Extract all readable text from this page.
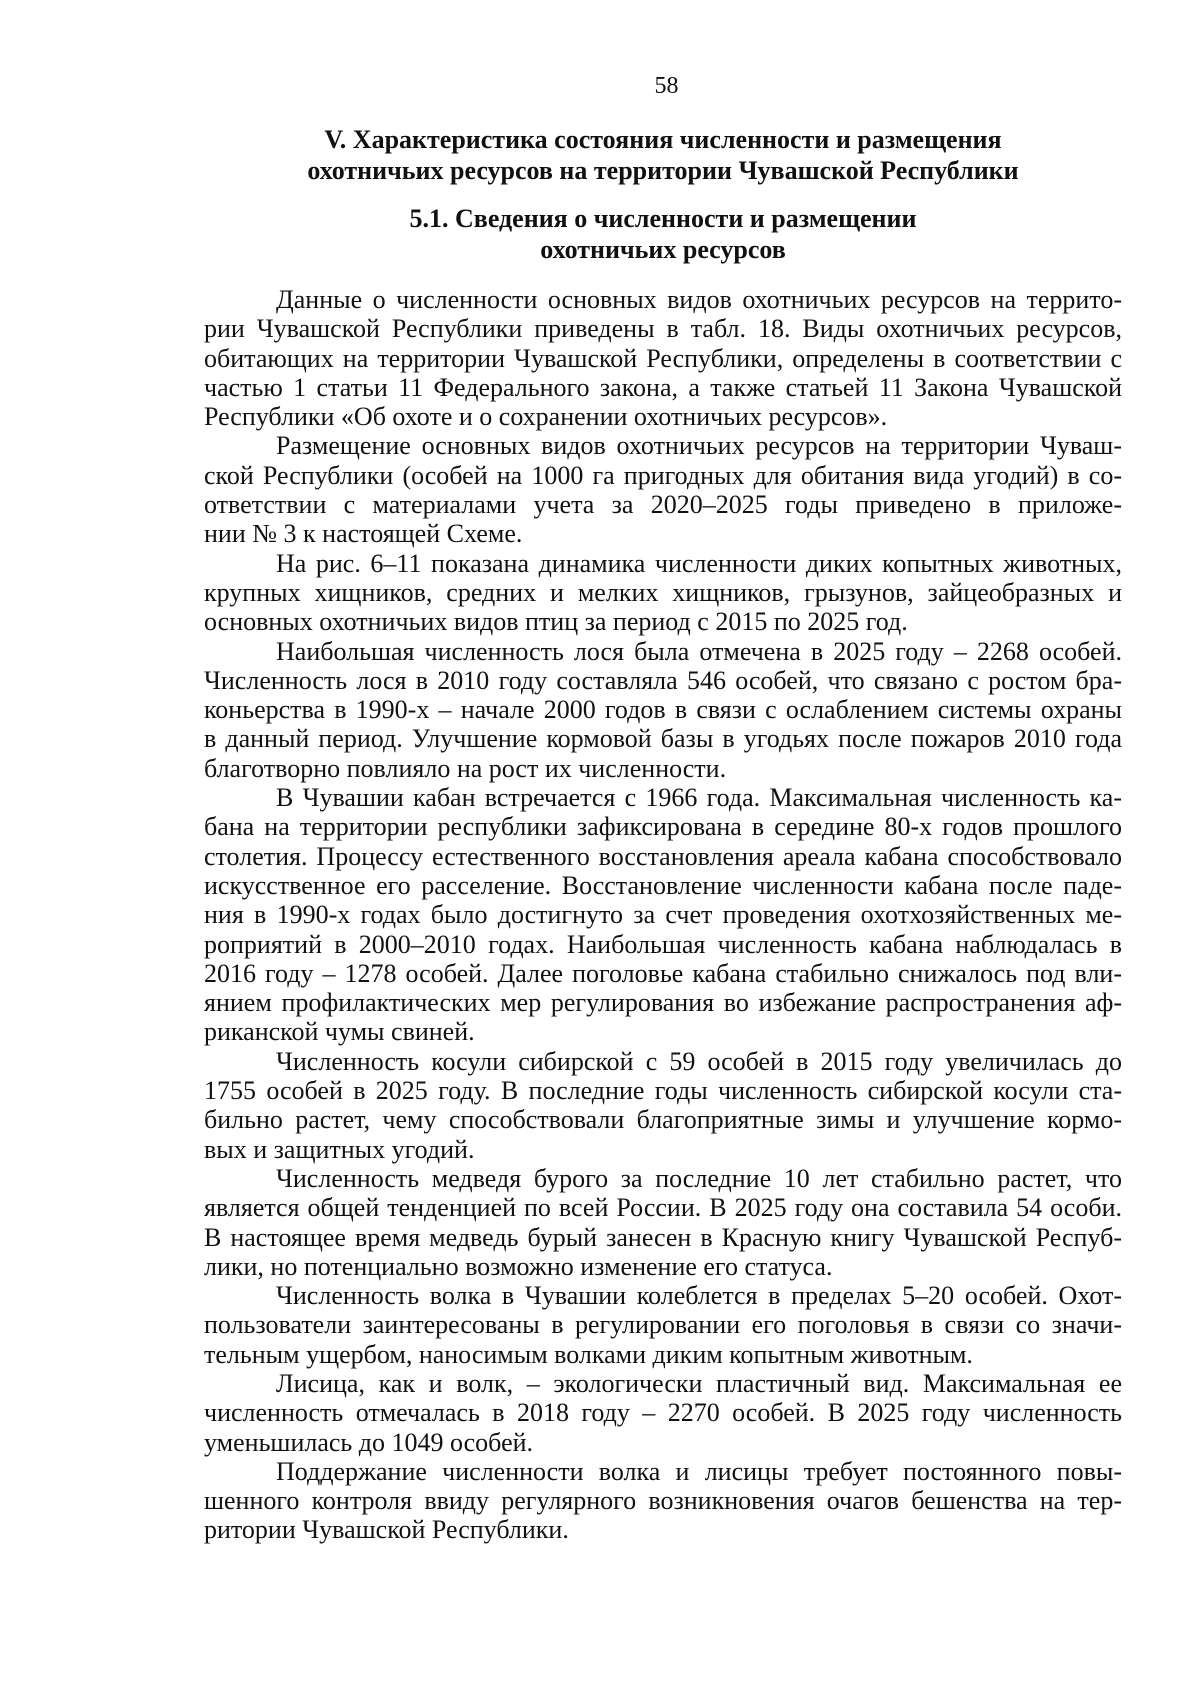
58
V. Характеристика состояния численности и размещения
охотничьих ресурсов на территории Чувашской Республики
5.1. Сведения о численности и размещении
охотничьих ресурсов
Данные о численности основных видов охотничьих ресурсов на террито-
рии Чувашской Республики приведены в табл. 18. Виды охотничьих ресурсов,
обитающих на территории Чувашской Республики, определены в соответствии с
частью 1 статьи 11 Федерального закона, а также статьей 11 Закона Чувашской
Республики «Об охоте и о сохранении охотничьих ресурсов».
Размещение основных видов охотничьих ресурсов на территории Чуваш-
ской Республики (особей на 1000 га пригодных для обитания вида угодий) в со-
ответствии с материалами учета за 2020–2025 годы приведено в приложе-
нии № 3 к настоящей Схеме.
На рис. 6–11 показана динамика численности диких копытных животных,
крупных хищников, средних и мелких хищников, грызунов, зайцеобразных и
основных охотничьих видов птиц за период с 2015 по 2025 год.
Наибольшая численность лося была отмечена в 2025 году – 2268 особей.
Численность лося в 2010 году составляла 546 особей, что связано с ростом бра-
коньерства в 1990-х – начале 2000 годов в связи с ослаблением системы охраны
в данный период. Улучшение кормовой базы в угодьях после пожаров 2010 года
благотворно повлияло на рост их численности.
В Чувашии кабан встречается с 1966 года. Максимальная численность ка-
бана на территории республики зафиксирована в середине 80-х годов прошлого
столетия. Процессу естественного восстановления ареала кабана способствовало
искусственное его расселение. Восстановление численности кабана после паде-
ния в 1990-х годах было достигнуто за счет проведения охотхозяйственных ме-
роприятий в 2000–2010 годах. Наибольшая численность кабана наблюдалась в
2016 году – 1278 особей. Далее поголовье кабана стабильно снижалось под вли-
янием профилактических мер регулирования во избежание распространения аф-
риканской чумы свиней.
Численность косули сибирской с 59 особей в 2015 году увеличилась до
1755 особей в 2025 году. В последние годы численность сибирской косули ста-
бильно растет, чему способствовали благоприятные зимы и улучшение кормо-
вых и защитных угодий.
Численность медведя бурого за последние 10 лет стабильно растет, что
является общей тенденцией по всей России. В 2025 году она составила 54 особи.
В настоящее время медведь бурый занесен в Красную книгу Чувашской Респуб-
лики, но потенциально возможно изменение его статуса.
Численность волка в Чувашии колеблется в пределах 5–20 особей. Охот-
пользователи заинтересованы в регулировании его поголовья в связи со значи-
тельным ущербом, наносимым волками диким копытным животным.
Лисица, как и волк, – экологически пластичный вид. Максимальная ее
численность отмечалась в 2018 году – 2270 особей. В 2025 году численность
уменьшилась до 1049 особей.
Поддержание численности волка и лисицы требует постоянного повы-
шенного контроля ввиду регулярного возникновения очагов бешенства на тер-
ритории Чувашской Республики.
